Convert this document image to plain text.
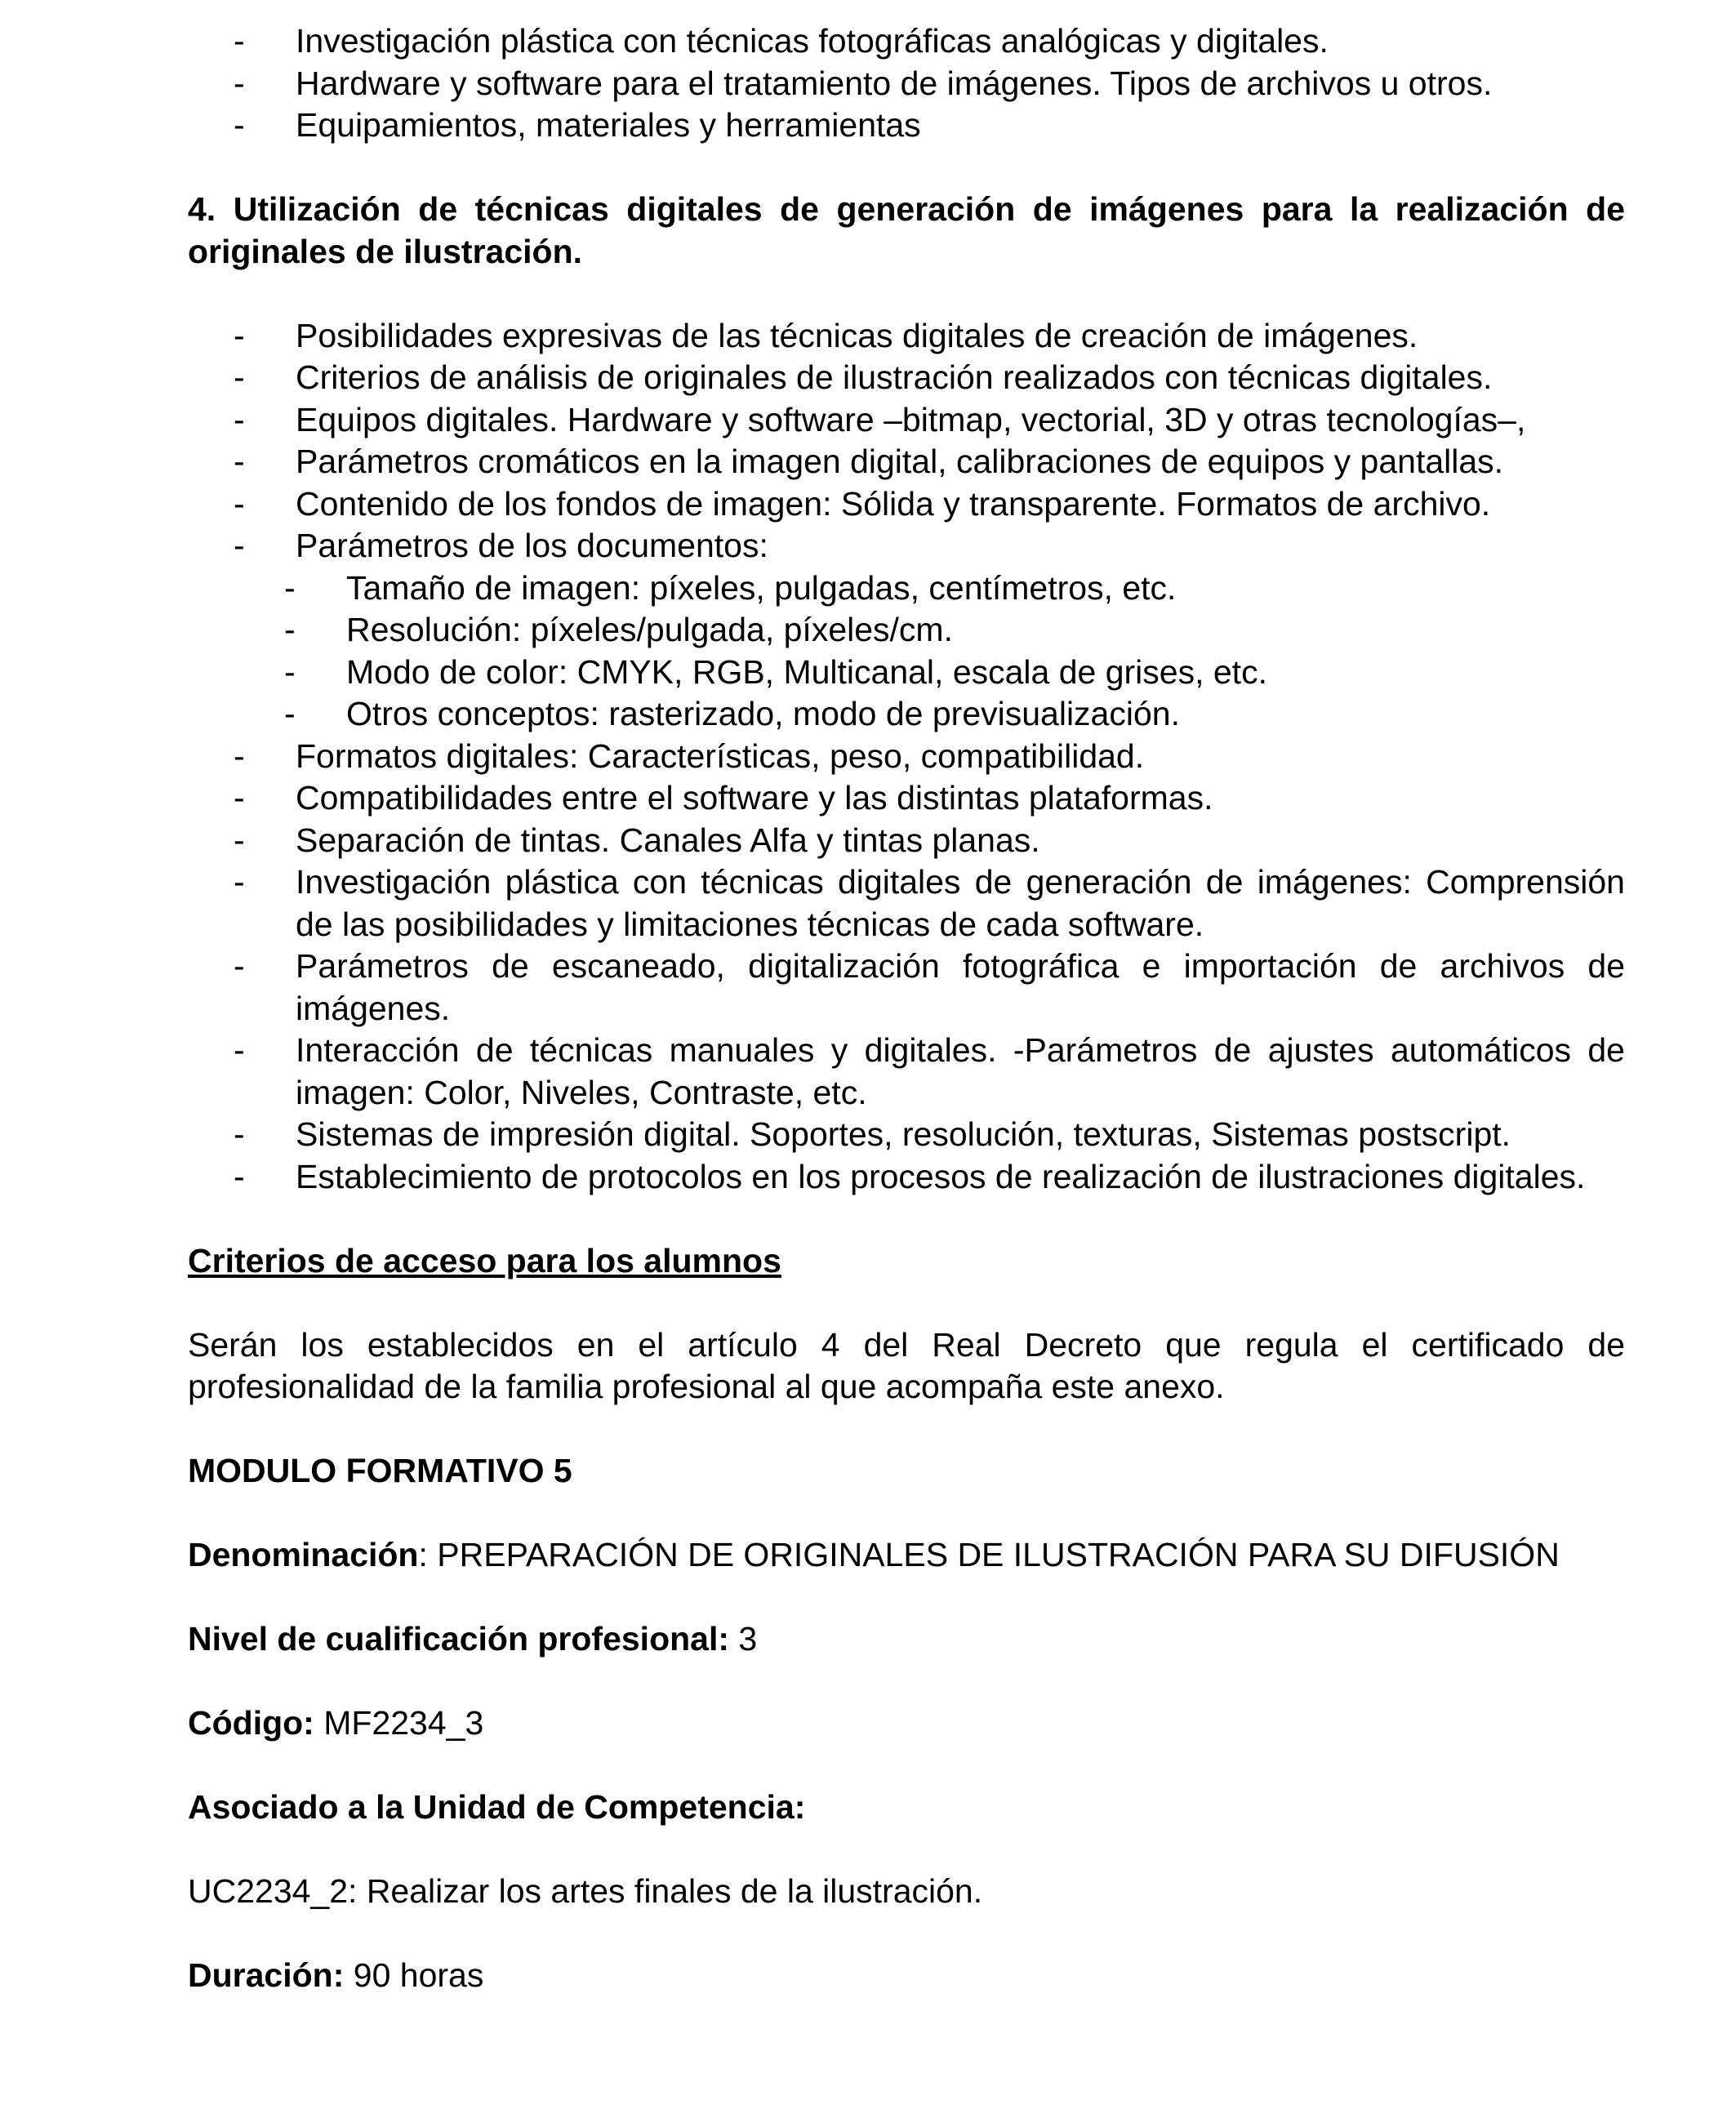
- Investigación plástica con técnicas fotográficas analógicas y digitales.
- Hardware y software para el tratamiento de imágenes. Tipos de archivos u otros.
- Equipamientos, materiales y herramientas

4. Utilización de técnicas digitales de generación de imágenes para la realización de originales de ilustración.

- Posibilidades expresivas de las técnicas digitales de creación de imágenes.
- Criterios de análisis de originales de ilustración realizados con técnicas digitales.
- Equipos digitales. Hardware y software –bitmap, vectorial, 3D y otras tecnologías–,
- Parámetros cromáticos en la imagen digital, calibraciones de equipos y pantallas.
- Contenido de los fondos de imagen: Sólida y transparente. Formatos de archivo.
- Parámetros de los documentos:
- Tamaño de imagen: píxeles, pulgadas, centímetros, etc.
- Resolución: píxeles/pulgada, píxeles/cm.
- Modo de color: CMYK, RGB, Multicanal, escala de grises, etc.
- Otros conceptos: rasterizado, modo de previsualización.
- Formatos digitales: Características, peso, compatibilidad.
- Compatibilidades entre el software y las distintas plataformas.
- Separación de tintas. Canales Alfa y tintas planas.
- Investigación plástica con técnicas digitales de generación de imágenes: Comprensión de las posibilidades y limitaciones técnicas de cada software.
- Parámetros de escaneado, digitalización fotográfica e importación de archivos de imágenes.
- Interacción de técnicas manuales y digitales. -Parámetros de ajustes automáticos de imagen: Color, Niveles, Contraste, etc.
- Sistemas de impresión digital. Soportes, resolución, texturas, Sistemas postscript.
- Establecimiento de protocolos en los procesos de realización de ilustraciones digitales.

Criterios de acceso para los alumnos

Serán los establecidos en el artículo 4 del Real Decreto que regula el certificado de profesionalidad de la familia profesional al que acompaña este anexo.

MODULO FORMATIVO 5

Denominación: PREPARACIÓN DE ORIGINALES DE ILUSTRACIÓN PARA SU DIFUSIÓN

Nivel de cualificación profesional: 3

Código: MF2234_3

Asociado a la Unidad de Competencia:

UC2234_2: Realizar los artes finales de la ilustración.

Duración: 90 horas
